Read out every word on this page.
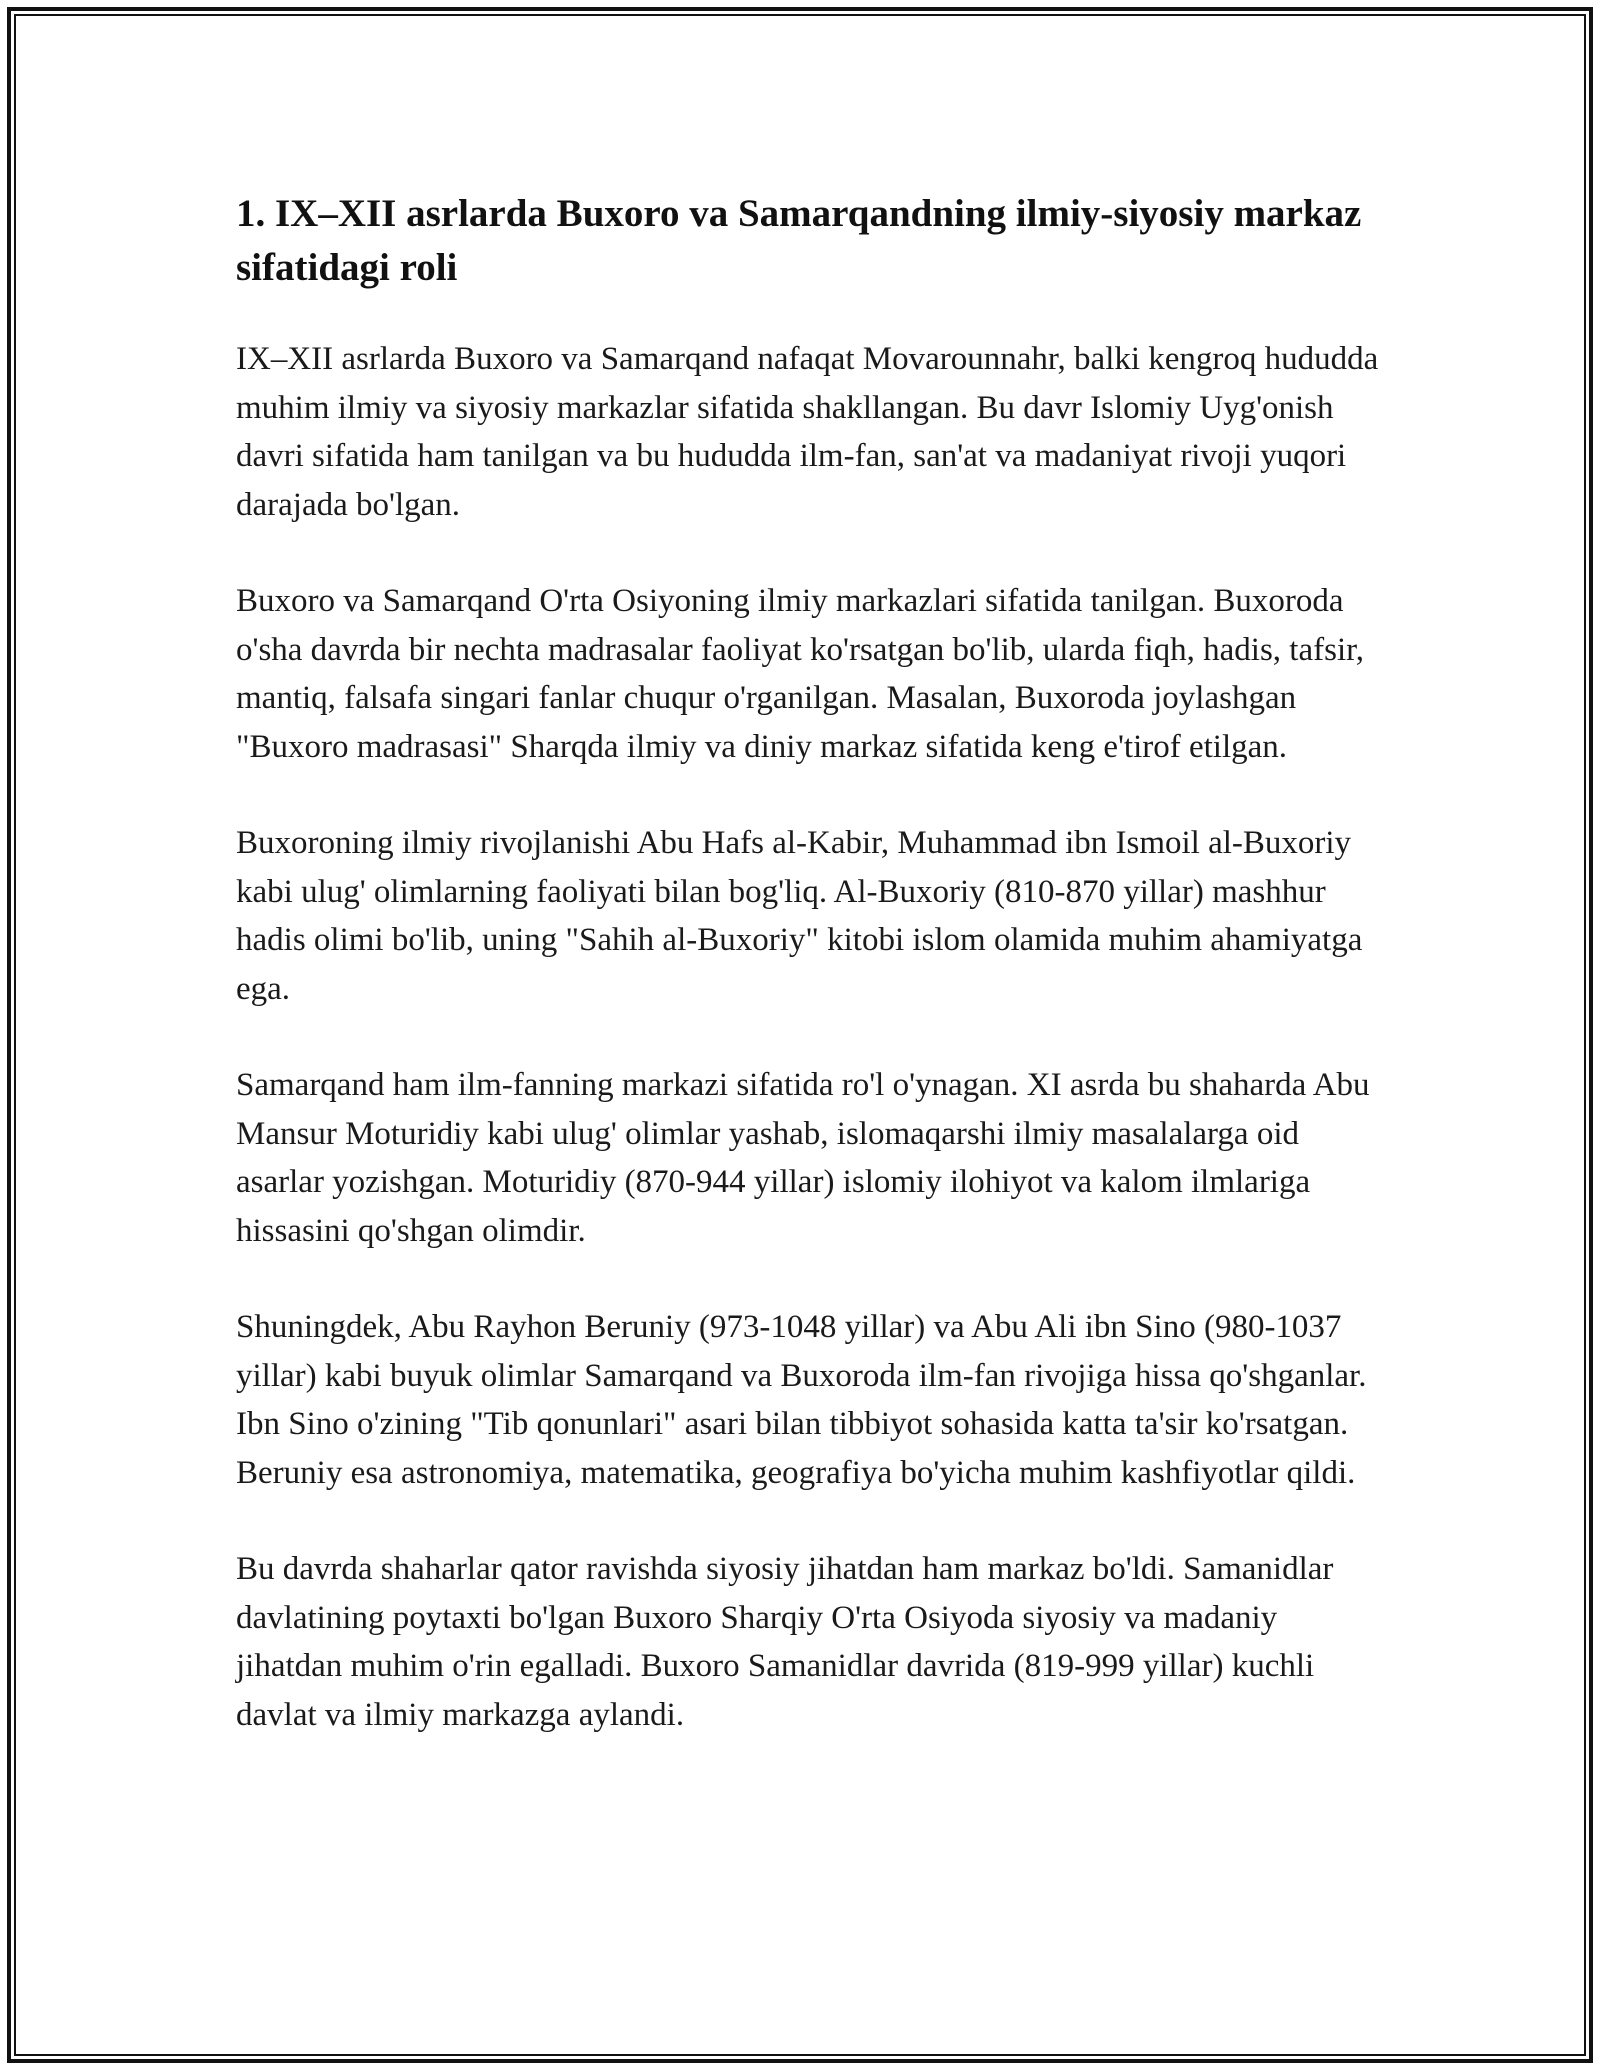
1. IX–XII asrlarda Buxoro va Samarqandning ilmiy-siyosiy markaz sifatidagi roli

IX–XII asrlarda Buxoro va Samarqand nafaqat Movarounnahr, balki kengroq hududda muhim ilmiy va siyosiy markazlar sifatida shakllangan. Bu davr Islomiy Uyg'onish davri sifatida ham tanilgan va bu hududda ilm-fan, san'at va madaniyat rivoji yuqori darajada bo'lgan.

Buxoro va Samarqand O'rta Osiyoning ilmiy markazlari sifatida tanilgan. Buxoroda o'sha davrda bir nechta madrasalar faoliyat ko'rsatgan bo'lib, ularda fiqh, hadis, tafsir, mantiq, falsafa singari fanlar chuqur o'rganilgan. Masalan, Buxoroda joylashgan "Buxoro madrasasi" Sharqda ilmiy va diniy markaz sifatida keng e'tirof etilgan.

Buxoroning ilmiy rivojlanishi Abu Hafs al-Kabir, Muhammad ibn Ismoil al-Buxoriy kabi ulug' olimlarning faoliyati bilan bog'liq. Al-Buxoriy (810-870 yillar) mashhur hadis olimi bo'lib, uning "Sahih al-Buxoriy" kitobi islom olamida muhim ahamiyatga ega.

Samarqand ham ilm-fanning markazi sifatida ro'l o'ynagan. XI asrda bu shaharda Abu Mansur Moturidiy kabi ulug' olimlar yashab, islomaqarshi ilmiy masalalarga oid asarlar yozishgan. Moturidiy (870-944 yillar) islomiy ilohiyot va kalom ilmlariga hissasini qo'shgan olimdir.

Shuningdek, Abu Rayhon Beruniy (973-1048 yillar) va Abu Ali ibn Sino (980-1037 yillar) kabi buyuk olimlar Samarqand va Buxoroda ilm-fan rivojiga hissa qo'shganlar. Ibn Sino o'zining "Tib qonunlari" asari bilan tibbiyot sohasida katta ta'sir ko'rsatgan. Beruniy esa astronomiya, matematika, geografiya bo'yicha muhim kashfiyotlar qildi.

Bu davrda shaharlar qator ravishda siyosiy jihatdan ham markaz bo'ldi. Samanidlar davlatining poytaxti bo'lgan Buxoro Sharqiy O'rta Osiyoda siyosiy va madaniy jihatdan muhim o'rin egalladi. Buxoro Samanidlar davrida (819-999 yillar) kuchli davlat va ilmiy markazga aylandi.
